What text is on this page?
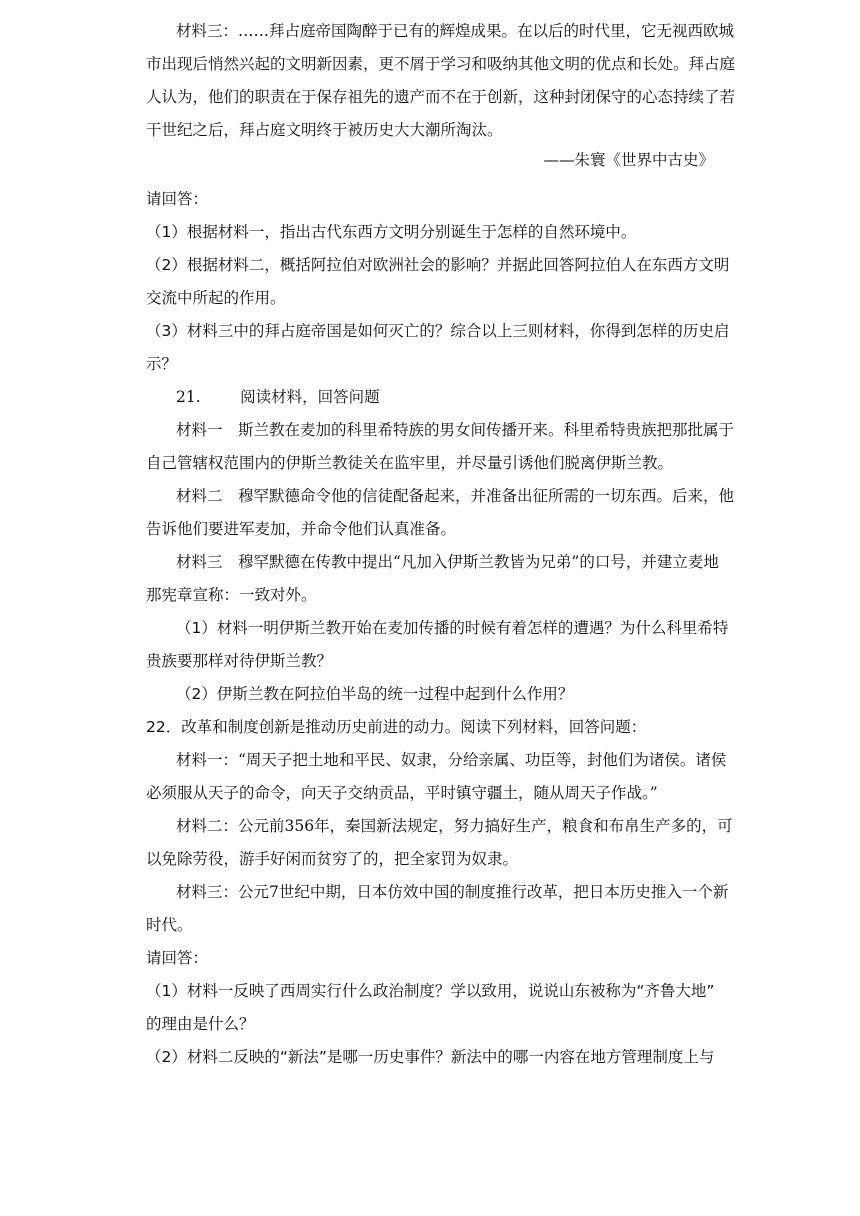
——朱寰《世界中古史》
材料三：……拜占庭帝国陶醉于已有的辉煌成果。在以后的时代里，它无视西欧城
市出现后悄然兴起的文明新因素，更不屑于学习和吸纳其他文明的优点和长处。拜占庭
人认为，他们的职责在于保存祖先的遗产而不在于创新，这种封闭保守的心态持续了若
干世纪之后，拜占庭文明终于被历史大大潮所淘汰。
请回答：
（1）根据材料一，指出古代东西方文明分别诞生于怎样的自然环境中。
（2）根据材料二，概括阿拉伯对欧洲社会的影响？并据此回答阿拉伯人在东西方文明
交流中所起的作用。
（3）材料三中的拜占庭帝国是如何灭亡的？综合以上三则材料，你得到怎样的历史启
示？
21.        阅读材料，回答问题
材料一　斯兰教在麦加的科里希特族的男女间传播开来。科里希特贵族把那批属于
自己管辖权范围内的伊斯兰教徒关在监牢里，并尽量引诱他们脱离伊斯兰教。
材料二　穆罕默德命令他的信徒配备起来，并准备出征所需的一切东西。后来，他
告诉他们要进军麦加，并命令他们认真准备。
材料三　穆罕默德在传教中提出“凡加入伊斯兰教皆为兄弟”的口号，并建立麦地
那宪章宣称：一致对外。
（1）材料一明伊斯兰教开始在麦加传播的时候有着怎样的遭遇？为什么科里希特
贵族要那样对待伊斯兰教？
（2）伊斯兰教在阿拉伯半岛的统一过程中起到什么作用？
22．改革和制度创新是推动历史前进的动力。阅读下列材料，回答问题：
材料一：“周天子把土地和平民、奴隶，分给亲属、功臣等，封他们为诸侯。诸侯
必须服从天子的命令，向天子交纳贡品，平时镇守疆土，随从周天子作战。”
材料二：公元前356年，秦国新法规定，努力搞好生产，粮食和布帛生产多的，可
以免除劳役，游手好闲而贫穷了的，把全家罚为奴隶。
材料三：公元7世纪中期，日本仿效中国的制度推行改革，把日本历史推入一个新
时代。
请回答：
（1）材料一反映了西周实行什么政治制度？学以致用，说说山东被称为“齐鲁大地”
的理由是什么？
（2）材料二反映的“新法”是哪一历史事件？新法中的哪一内容在地方管理制度上与
